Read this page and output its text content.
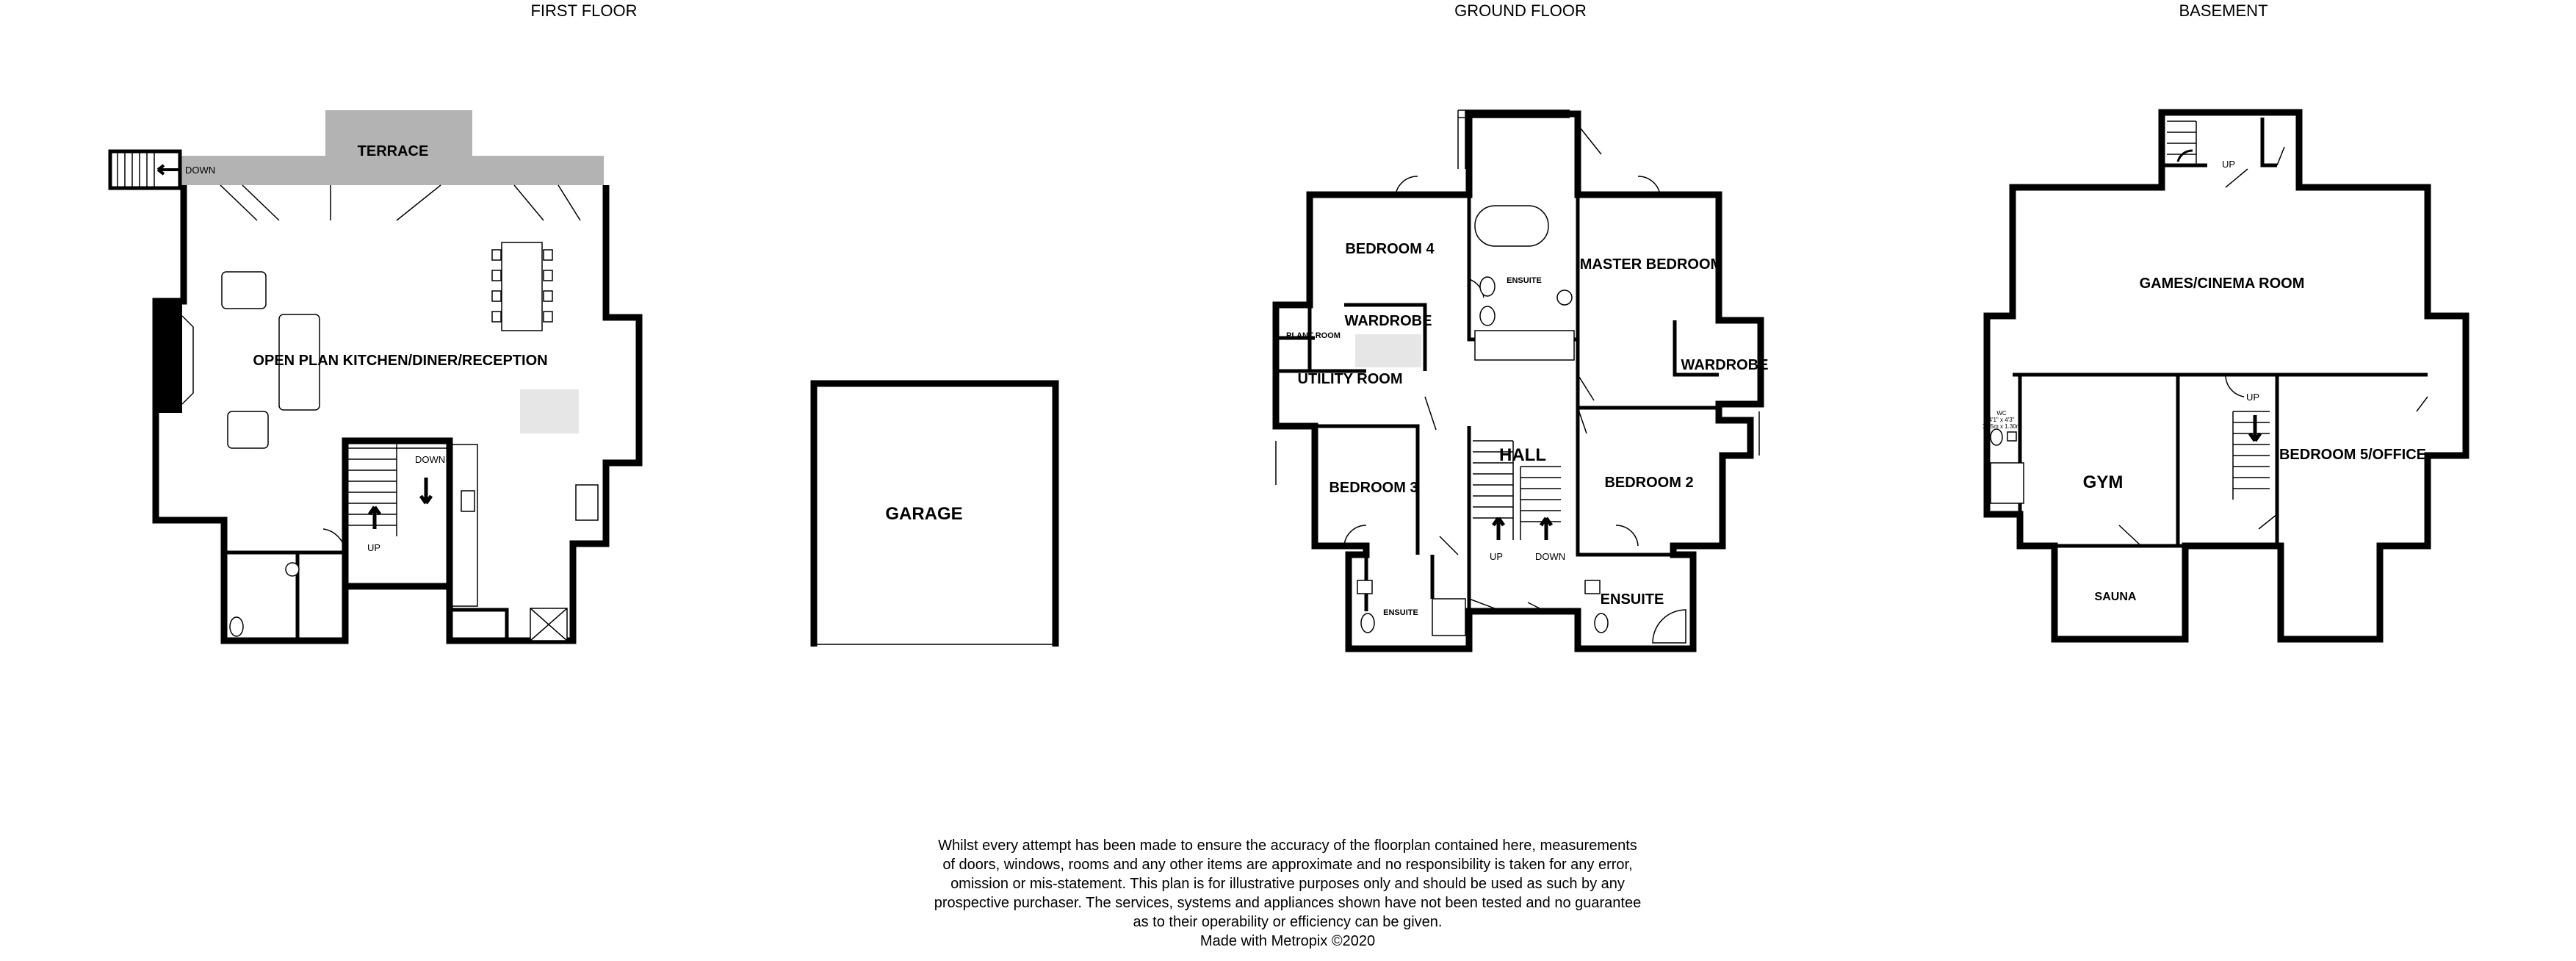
FIRST FLOOR
DOWN
TERRACE
DOWN
UP
OPEN PLAN KITCHEN/DINER/RECEPTION
GARAGE
GROUND FLOOR
UP	DOWN
BEDROOM 4
ENSUITE
MASTER BEDROOM
WARDROBE
PLANT ROOM
UTILITY ROOM
WARDROBE
HALL
BEDROOM 3	BEDROOM 2
ENSUITE
ENSUITE
BASEMENT
UP
UP
WC
4'1" x 4'3"
1.25m x 1.30m
GAMES/CINEMA ROOM
GYM
BEDROOM 5/OFFICE
SAUNA

Whilst every attempt has been made to ensure the accuracy of the floorplan contained here, measurements

of doors, windows, rooms and any other items are approximate and no responsibility is taken for any error,

omission or mis-statement. This plan is for illustrative purposes only and should be used as such by any

prospective purchaser. The services, systems and appliances shown have not been tested and no guarantee

as to their operability or efficiency can be given.

Made with Metropix ©2020
